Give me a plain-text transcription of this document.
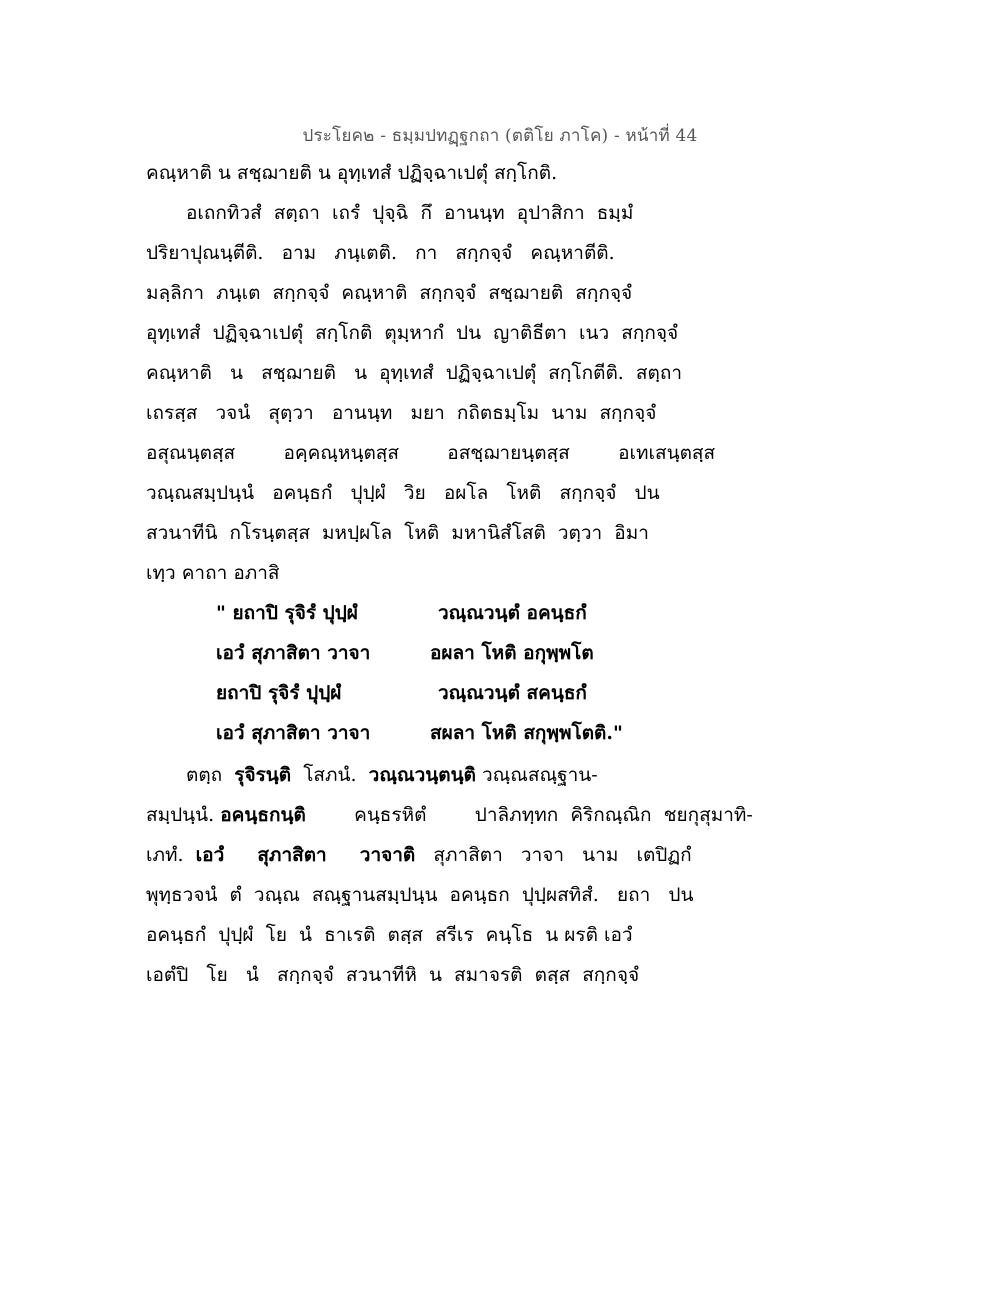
ประโยค๒ - ธมฺมปทฏฺฐกถา (ตติโย ภาโค) - หน้าที่ 44
คณฺหาติ น สชฺฌายติ น อุทฺเทสํ ปฏิจฺฉาเปตุํ สกฺโกติ.
อเถกทิวสํ  สตฺถา  เถรํ  ปุจฺฉิ  กึ  อานนฺท  อุปาสิกา  ธมฺมํ
ปริยาปุณนฺตีติ.   อาม   ภนฺเตติ.   กา   สกฺกจฺจํ   คณฺหาตีติ.
มลฺลิกา  ภนฺเต  สกฺกจฺจํ  คณฺหาติ  สกฺกจฺจํ  สชฺฌายติ  สกฺกจฺจํ
อุทฺเทสํ  ปฏิจฺฉาเปตุํ  สกฺโกติ  ตุมฺหากํ  ปน  ญาติธีตา  เนว  สกฺกจฺจํ
คณฺหาติ   น   สชฺฌายติ   น  อุทฺเทสํ  ปฏิจฺฉาเปตุํ  สกฺโกตีติ.  สตฺถา
เถรสฺส   วจนํ   สุตฺวา   อานนฺท   มยา  กถิตธมฺโม  นาม  สกฺกจฺจํ
อสุณนฺตสฺส        อคฺคณฺหนฺตสฺส        อสชฺฌายนฺตสฺส        อเทเสนฺตสฺส
วณฺณสมฺปนฺนํ   อคนฺธกํ   ปุปฺผํ   วิย   อผโล   โหติ   สกฺกจฺจํ   ปน
สวนาทีนิ  กโรนฺตสฺส  มหปฺผโล  โหติ  มหานิสํโสติ  วตฺวา  อิมา
เทฺว คาถา อภาสิ
" ยถาปิ รุจิรํ ปุปฺผํ	วณฺณวนฺตํ อคนฺธกํ
เอวํ สุภาสิตา วาจา	อผลา โหติ อกุพฺพโต
ยถาปิ รุจิรํ ปุปฺผํ	วณฺณวนฺตํ สคนฺธกํ
เอวํ สุภาสิตา วาจา	สผลา โหติ สกุพฺพโตติ."
ตตฺถ  รุจิรนฺติ  โสภนํ.  วณฺณวนฺตนฺติ วณฺณสณฺฐาน-
สมฺปนฺนํ. อคนฺธกนฺติ        คนฺธรหิตํ        ปาลิภทฺทก  คิริกณฺณิก  ชยกุสุมาทิ-
เภทํ.  เอวํ     สุภาสิตา     วาจาติ   สุภาสิตา   วาจา   นาม   เตปิฏกํ
พุทฺธวจนํ  ตํ  วณฺณ  สณฺฐานสมฺปนฺน  อคนฺธก  ปุปฺผสทิสํ.   ยถา   ปน
อคนฺธกํ  ปุปฺผํ  โย  นํ  ธาเรติ  ตสฺส  สรีเร  คนฺโธ  น ผรติ เอวํ
เอตํปิ   โย   นํ   สกฺกจฺจํ  สวนาทีหิ  น  สมาจรติ  ตสฺส  สกฺกจฺจํ
